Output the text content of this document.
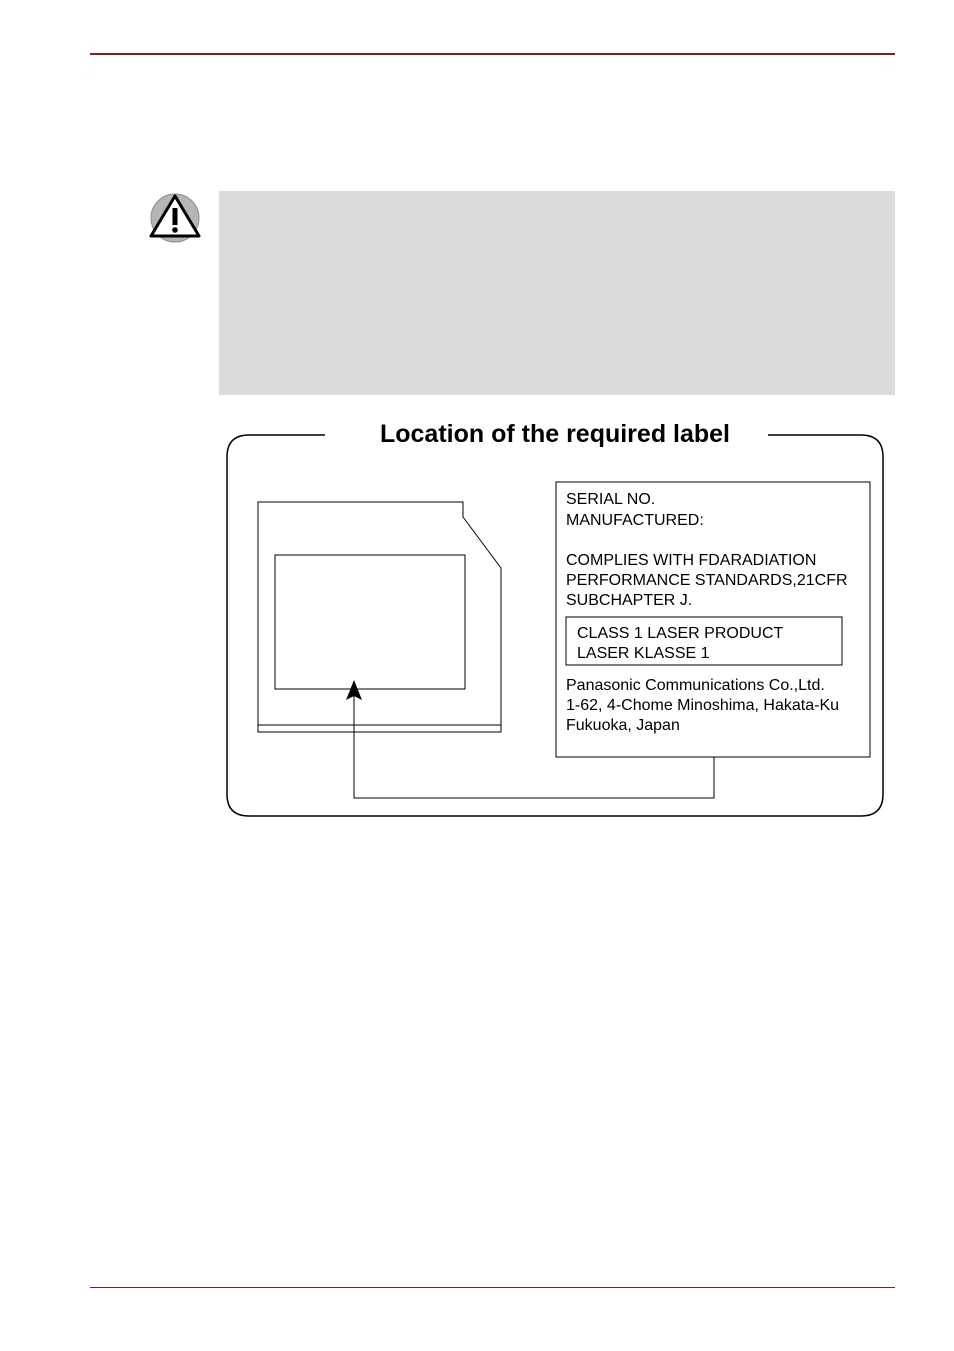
Location of the required label
SERIAL NO.
MANUFACTURED:
COMPLIES WITH FDARADIATION
PERFORMANCE STANDARDS,21CFR
SUBCHAPTER J.
CLASS 1 LASER PRODUCT
LASER KLASSE 1
Panasonic Communications Co.,Ltd.
1-62, 4-Chome Minoshima, Hakata-Ku
Fukuoka, Japan
